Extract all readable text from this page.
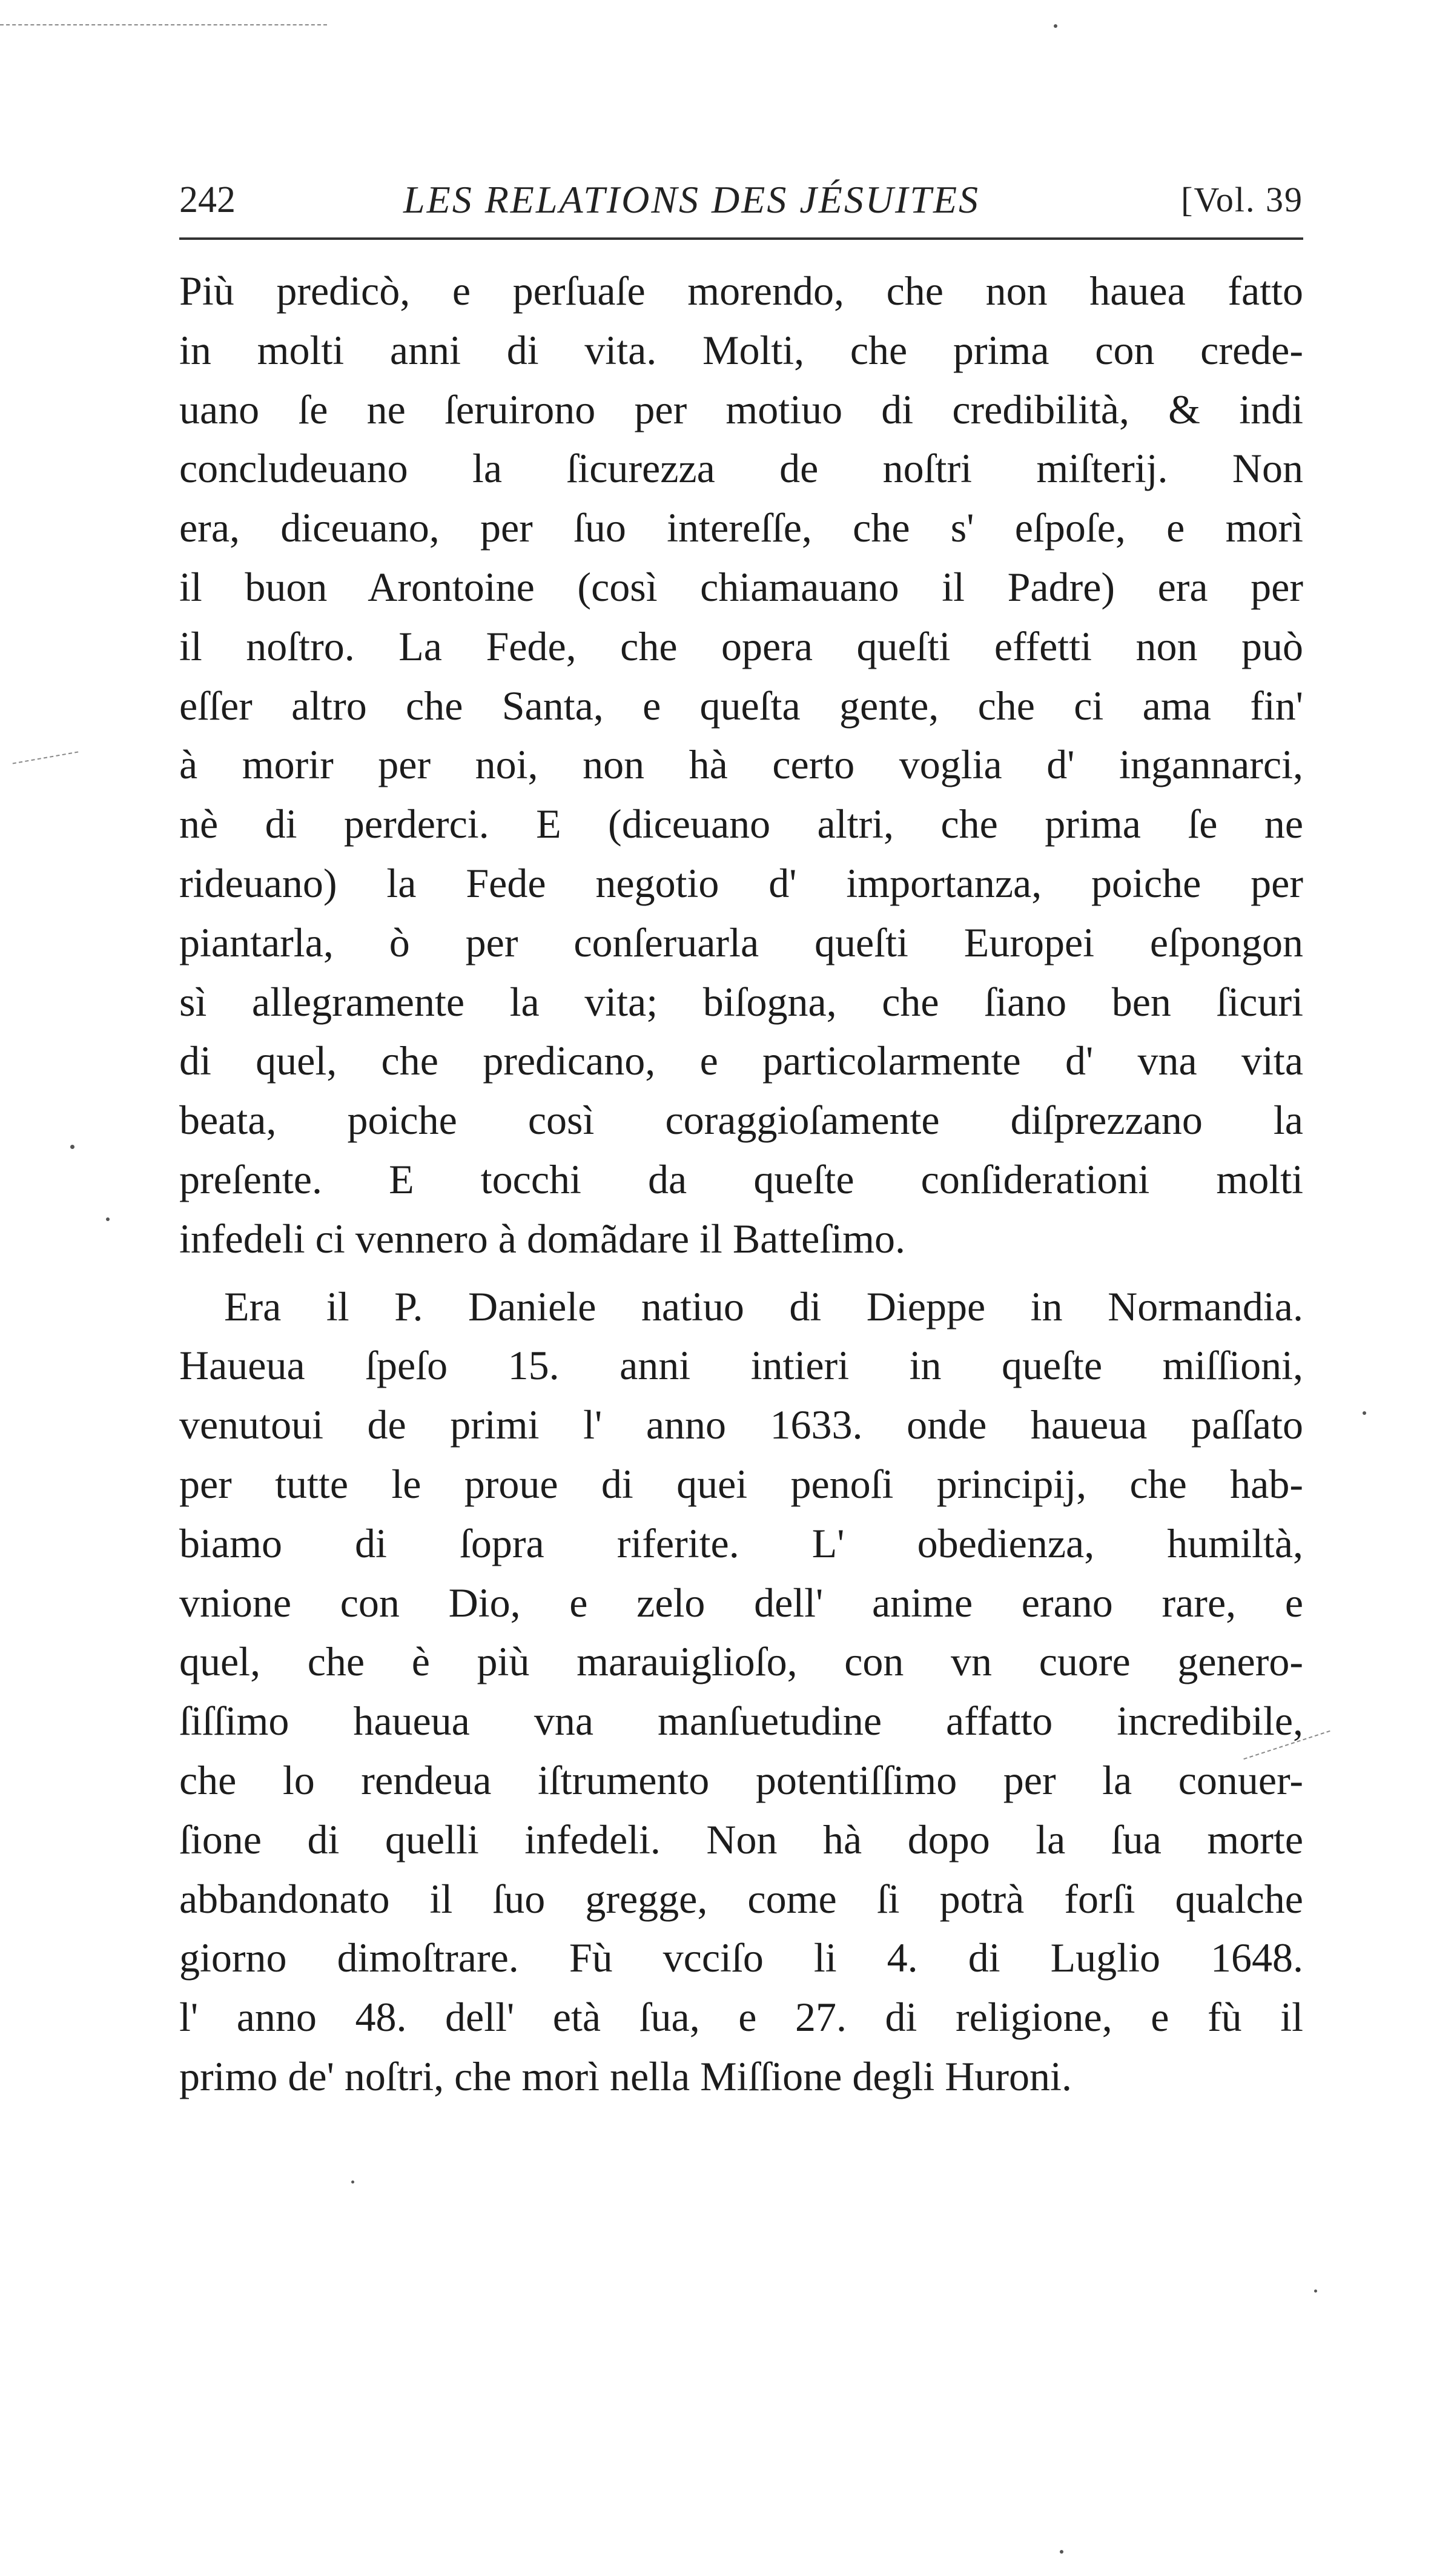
242	LES RELATIONS DES JÉSUITES	[Vol. 39
Più predicò, e perſuaſe morendo, che non hauea fatto
in molti anni di vita. Molti, che prima con crede-
uano ſe ne ſeruirono per motiuo di credibilità, & indi
concludeuano la ſicurezza de noſtri miſterij. Non
era, diceuano, per ſuo intereſſe, che s' eſpoſe, e morì
il buon Arontoine (così chiamauano il Padre) era per
il noſtro. La Fede, che opera queſti effetti non può
eſſer altro che Santa, e queſta gente, che ci ama fin'
à morir per noi, non hà certo voglia d' ingannarci,
nè di perderci. E (diceuano altri, che prima ſe ne
rideuano) la Fede negotio d' importanza, poiche per
piantarla, ò per conſeruarla queſti Europei eſpongon
sì allegramente la vita; biſogna, che ſiano ben ſicuri
di quel, che predicano, e particolarmente d' vna vita
beata, poiche così coraggioſamente diſprezzano la
preſente. E tocchi da queſte conſiderationi molti
infedeli ci vennero à domãdare il Batteſimo.
Era il P. Daniele natiuo di Dieppe in Normandia.
Haueua ſpeſo 15. anni intieri in queſte miſſioni,
venutoui de primi l' anno 1633. onde haueua paſſato
per tutte le proue di quei penoſi principij, che hab-
biamo di ſopra riferite. L' obedienza, humiltà,
vnione con Dio, e zelo dell' anime erano rare, e
quel, che è più marauiglioſo, con vn cuore genero-
ſiſſimo haueua vna manſuetudine affatto incredibile,
che lo rendeua iſtrumento potentiſſimo per la conuer-
ſione di quelli infedeli. Non hà dopo la ſua morte
abbandonato il ſuo gregge, come ſi potrà forſi qualche
giorno dimoſtrare. Fù vcciſo li 4. di Luglio 1648.
l' anno 48. dell' età ſua, e 27. di religione, e fù il
primo de' noſtri, che morì nella Miſſione degli Huroni.
